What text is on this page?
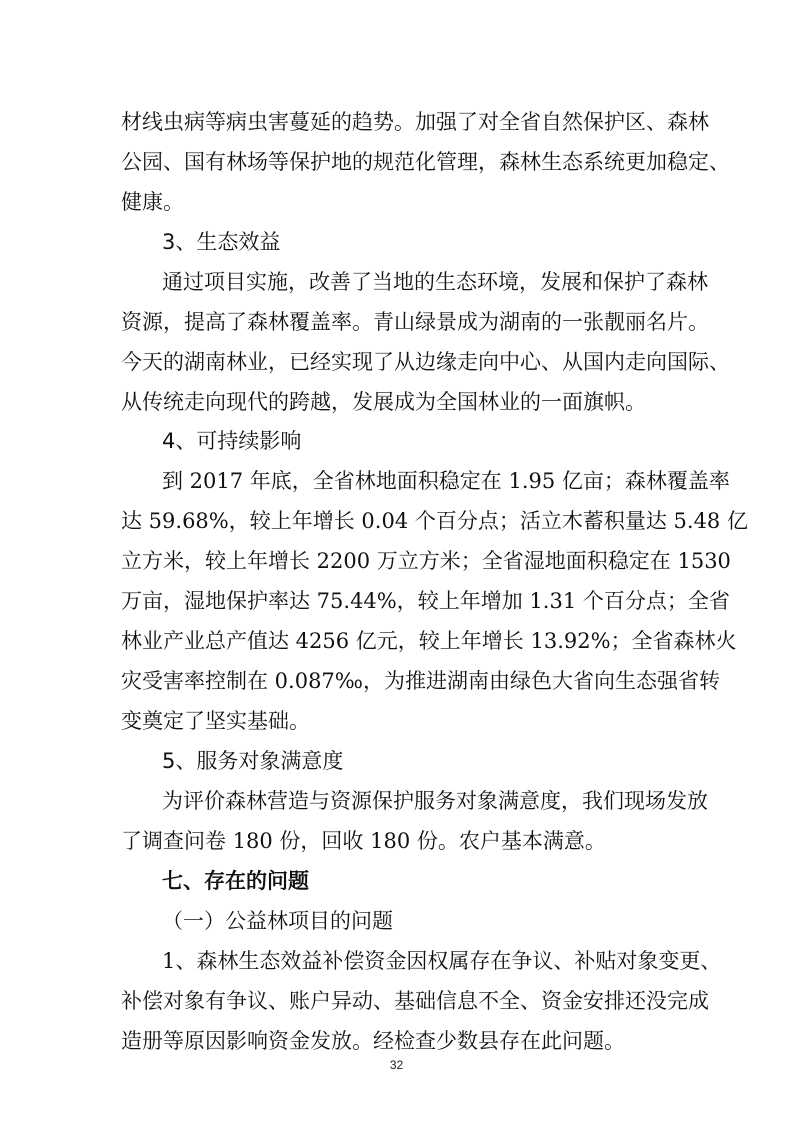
材线虫病等病虫害蔓延的趋势。加强了对全省自然保护区、森林
公园、国有林场等保护地的规范化管理，森林生态系统更加稳定、
健康。
3、生态效益
通过项目实施，改善了当地的生态环境，发展和保护了森林
资源，提高了森林覆盖率。青山绿景成为湖南的一张靓丽名片。
今天的湖南林业，已经实现了从边缘走向中心、从国内走向国际、
从传统走向现代的跨越，发展成为全国林业的一面旗帜。
4、可持续影响
到 2017 年底，全省林地面积稳定在 1.95 亿亩；森林覆盖率
达 59.68%，较上年增长 0.04 个百分点；活立木蓄积量达 5.48 亿
立方米，较上年增长 2200 万立方米；全省湿地面积稳定在 1530
万亩，湿地保护率达 75.44%，较上年增加 1.31 个百分点；全省
林业产业总产值达 4256 亿元，较上年增长 13.92%；全省森林火
灾受害率控制在 0.087‰，为推进湖南由绿色大省向生态强省转
变奠定了坚实基础。
5、服务对象满意度
为评价森林营造与资源保护服务对象满意度，我们现场发放
了调查问卷 180 份，回收 180 份。农户基本满意。
七、存在的问题
（一）公益林项目的问题
1、森林生态效益补偿资金因权属存在争议、补贴对象变更、
补偿对象有争议、账户异动、基础信息不全、资金安排还没完成
造册等原因影响资金发放。经检查少数县存在此问题。
32
